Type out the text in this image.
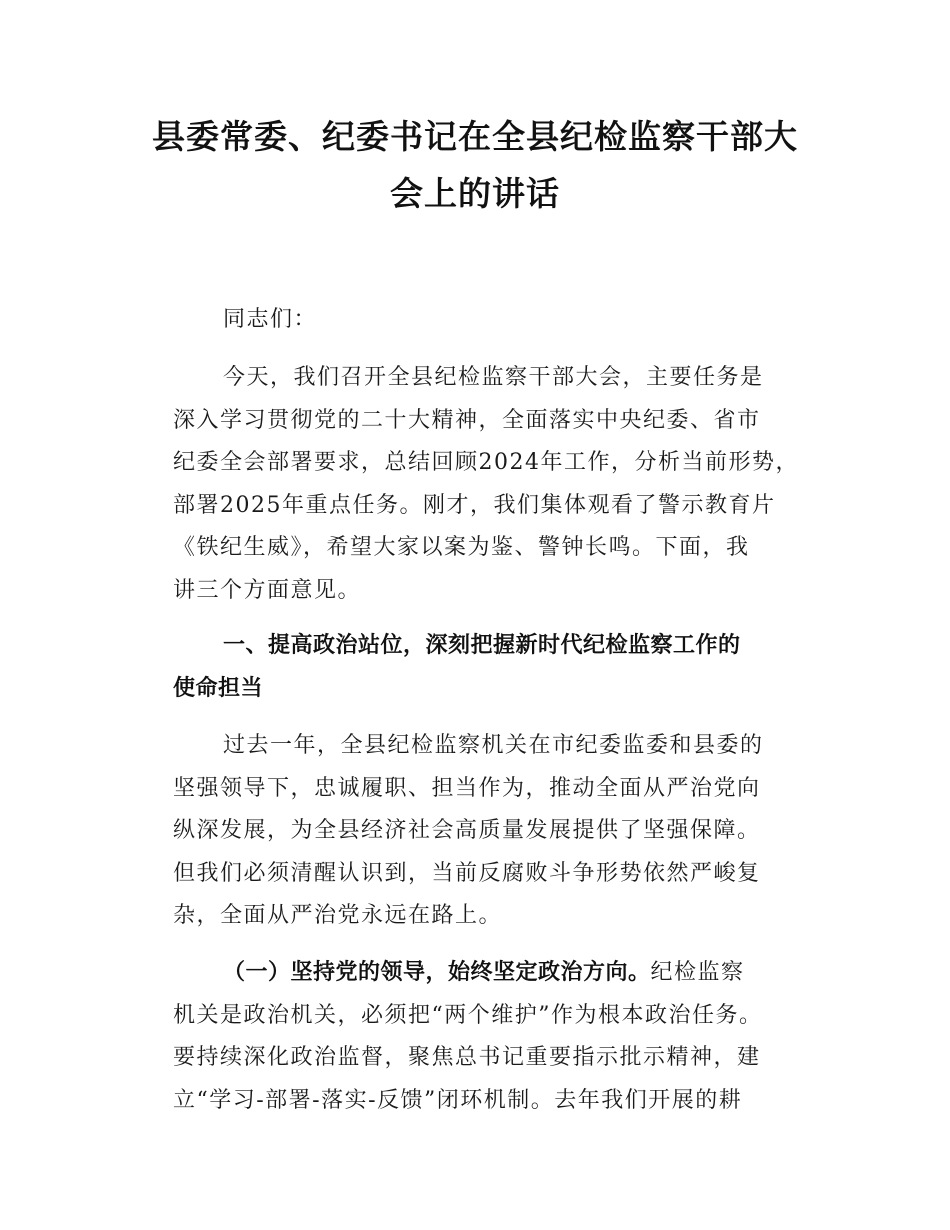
县委常委、纪委书记在全县纪检监察干部大
会上的讲话
同志们：
今天，我们召开全县纪检监察干部大会，主要任务是
深入学习贯彻党的二十大精神，全面落实中央纪委、省市
纪委全会部署要求，总结回顾2024年工作，分析当前形势，
部署2025年重点任务。刚才，我们集体观看了警示教育片
《铁纪生威》，希望大家以案为鉴、警钟长鸣。下面，我
讲三个方面意见。
一、提高政治站位，深刻把握新时代纪检监察工作的
使命担当
过去一年，全县纪检监察机关在市纪委监委和县委的
坚强领导下，忠诚履职、担当作为，推动全面从严治党向
纵深发展，为全县经济社会高质量发展提供了坚强保障。
但我们必须清醒认识到，当前反腐败斗争形势依然严峻复
杂，全面从严治党永远在路上。
（一）坚持党的领导，始终坚定政治方向。纪检监察
机关是政治机关，必须把“两个维护”作为根本政治任务。
要持续深化政治监督，聚焦总书记重要指示批示精神，建
立“学习-部署-落实-反馈”闭环机制。去年我们开展的耕
